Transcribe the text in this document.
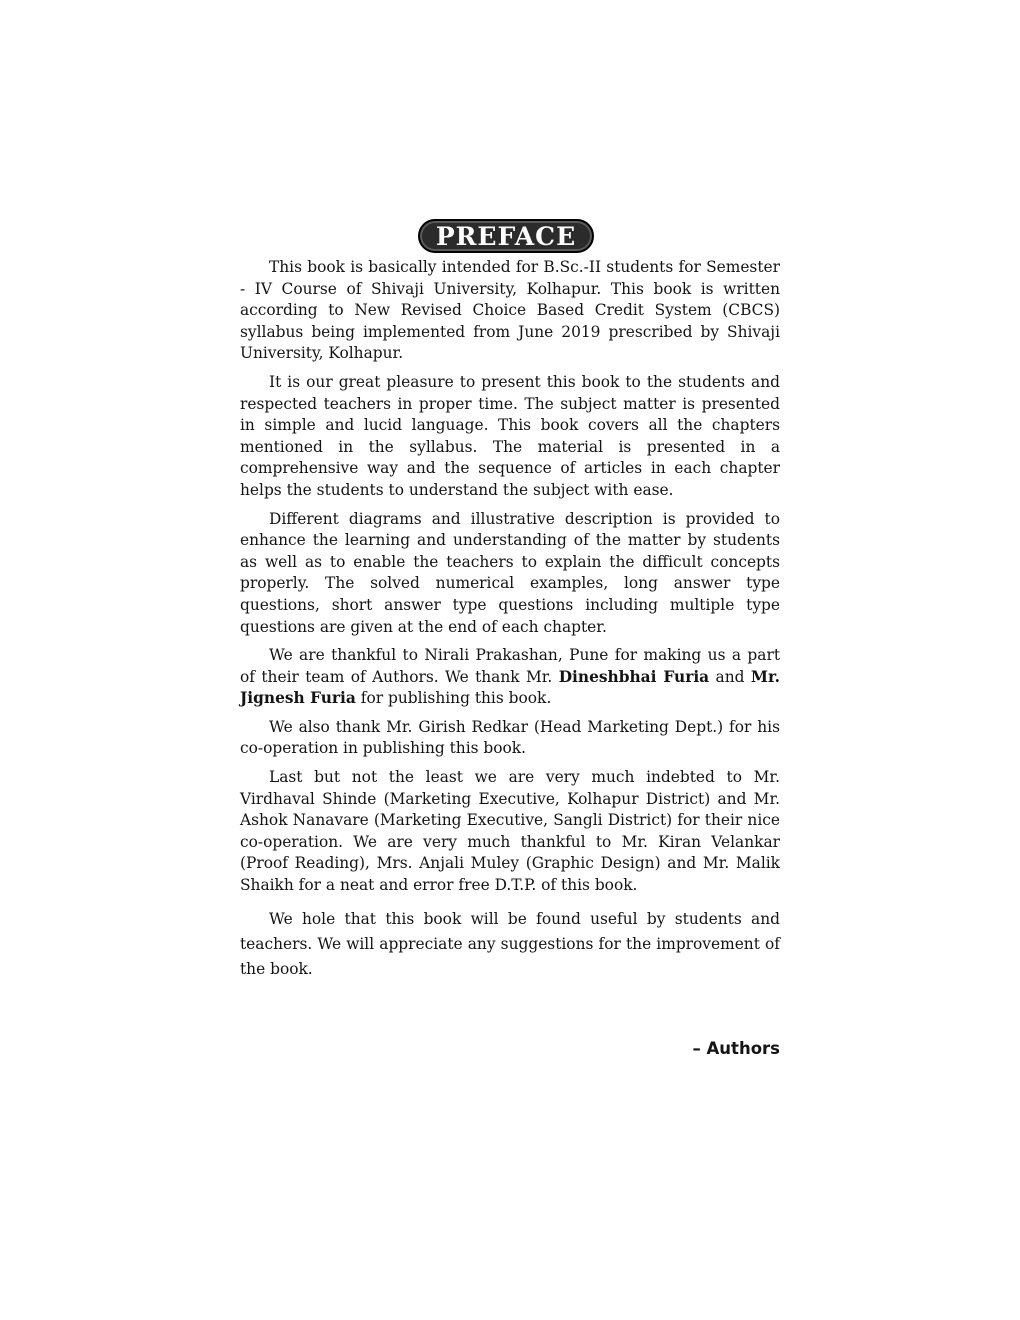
PREFACE

This book is basically intended for B.Sc.-II students for Semester - IV Course of Shivaji University, Kolhapur. This book is written according to New Revised Choice Based Credit System (CBCS) syllabus being implemented from June 2019 prescribed by Shivaji University, Kolhapur.

It is our great pleasure to present this book to the students and respected teachers in proper time. The subject matter is presented in simple and lucid language. This book covers all the chapters mentioned in the syllabus. The material is presented in a comprehensive way and the sequence of articles in each chapter helps the students to understand the subject with ease.

Different diagrams and illustrative description is provided to enhance the learning and understanding of the matter by students as well as to enable the teachers to explain the difficult concepts properly. The solved numerical examples, long answer type questions, short answer type questions including multiple type questions are given at the end of each chapter.

We are thankful to Nirali Prakashan, Pune for making us a part of their team of Authors. We thank Mr. Dineshbhai Furia and Mr. Jignesh Furia for publishing this book.

We also thank Mr. Girish Redkar (Head Marketing Dept.) for his co-operation in publishing this book.

Last but not the least we are very much indebted to Mr. Virdhaval Shinde (Marketing Executive, Kolhapur District) and Mr. Ashok Nanavare (Marketing Executive, Sangli District) for their nice co-operation. We are very much thankful to Mr. Kiran Velankar (Proof Reading), Mrs. Anjali Muley (Graphic Design) and Mr. Malik Shaikh for a neat and error free D.T.P. of this book.

We hole that this book will be found useful by students and teachers. We will appreciate any suggestions for the improvement of the book.

– Authors
